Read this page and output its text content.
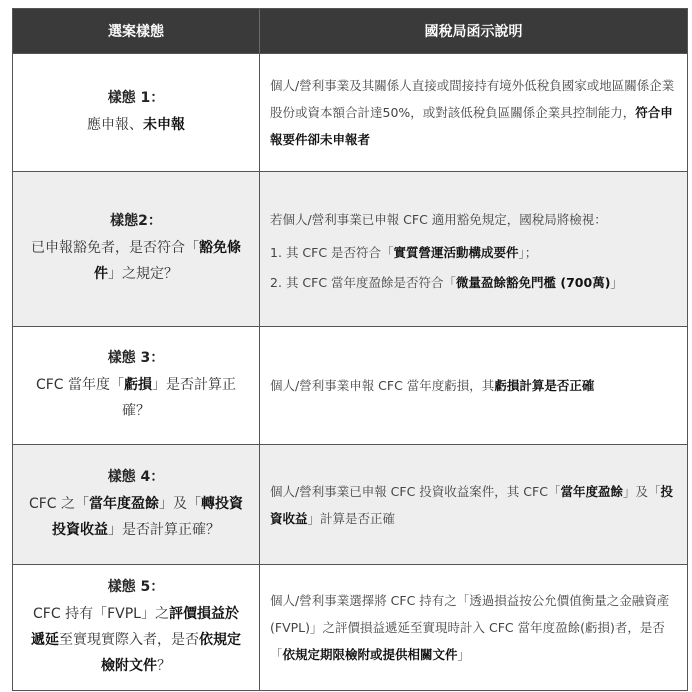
選案樣態	國稅局函示說明
樣態 1：
應申報、未申報
個人/營利事業及其關係人直接或間接持有境外低稅負國家或地區關係企業股份或資本額合計達50%，或對該低稅負區關係企業具控制能力，符合申報要件卻未申報者
樣態2：
已申報豁免者，是否符合「豁免條件」之規定？
若個人/營利事業已申報 CFC 適用豁免規定，國稅局將檢視：
1. 其 CFC 是否符合「實質營運活動構成要件」；
2. 其 CFC 當年度盈餘是否符合「微量盈餘豁免門檻 (700萬)」
樣態 3：
CFC 當年度「虧損」是否計算正確？
個人/營利事業申報 CFC 當年度虧損，其虧損計算是否正確
樣態 4：
CFC 之「當年度盈餘」及「轉投資投資收益」是否計算正確？
個人/營利事業已申報 CFC 投資收益案件，其 CFC「當年度盈餘」及「投資收益」計算是否正確
樣態 5：
CFC 持有「FVPL」之評價損益於遞延至實現實際入者，是否依規定檢附文件？
個人/營利事業選擇將 CFC 持有之「透過損益按公允價值衡量之金融資產 (FVPL)」之評價損益遞延至實現時計入 CFC 當年度盈餘(虧損)者，是否「依規定期限檢附或提供相關文件」
